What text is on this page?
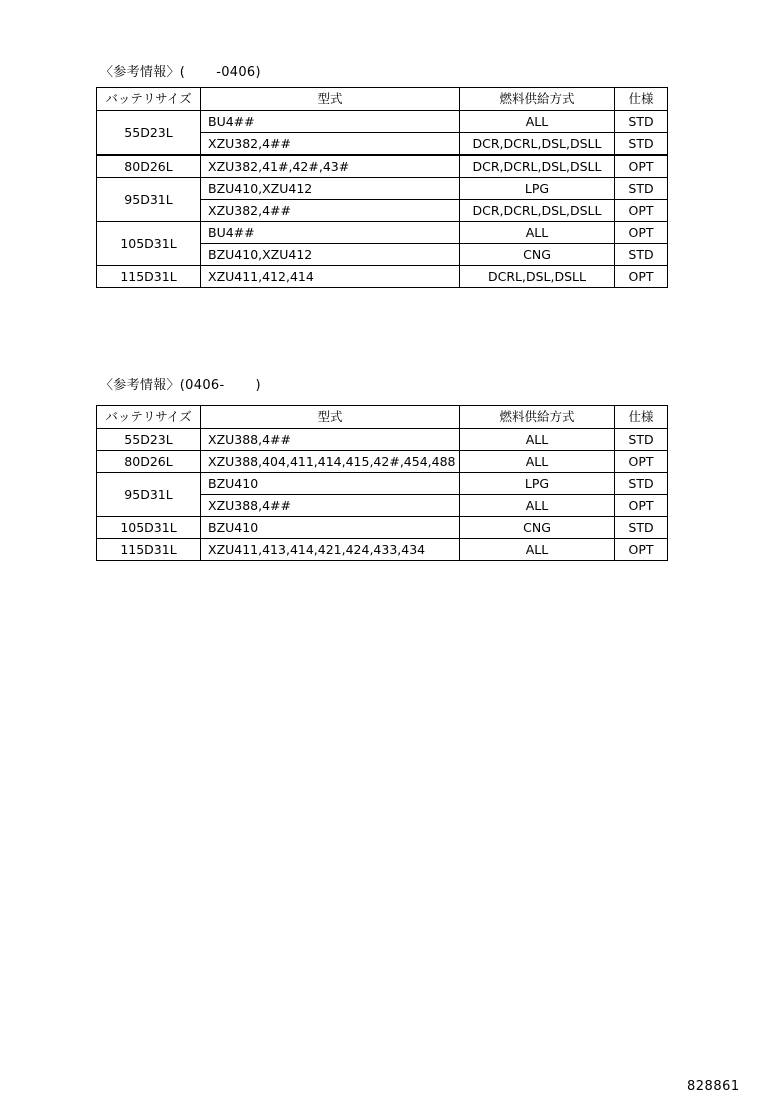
〈参考情報〉(　　 -0406)
バッテリサイズ	型式	燃料供給方式	仕様
55D23L	BU4##	ALL	STD
	XZU382,4##	DCR,DCRL,DSL,DSLL	STD
80D26L	XZU382,41#,42#,43#	DCR,DCRL,DSL,DSLL	OPT
95D31L	BZU410,XZU412	LPG	STD
	XZU382,4##	DCR,DCRL,DSL,DSLL	OPT
105D31L	BU4##	ALL	OPT
	BZU410,XZU412	CNG	STD
115D31L	XZU411,412,414	DCRL,DSL,DSLL	OPT
〈参考情報〉(0406-　　 )
バッテリサイズ	型式	燃料供給方式	仕様
55D23L	XZU388,4##	ALL	STD
80D26L	XZU388,404,411,414,415,42#,454,488	ALL	OPT
95D31L	BZU410	LPG	STD
	XZU388,4##	ALL	OPT
105D31L	BZU410	CNG	STD
115D31L	XZU411,413,414,421,424,433,434	ALL	OPT
828861
